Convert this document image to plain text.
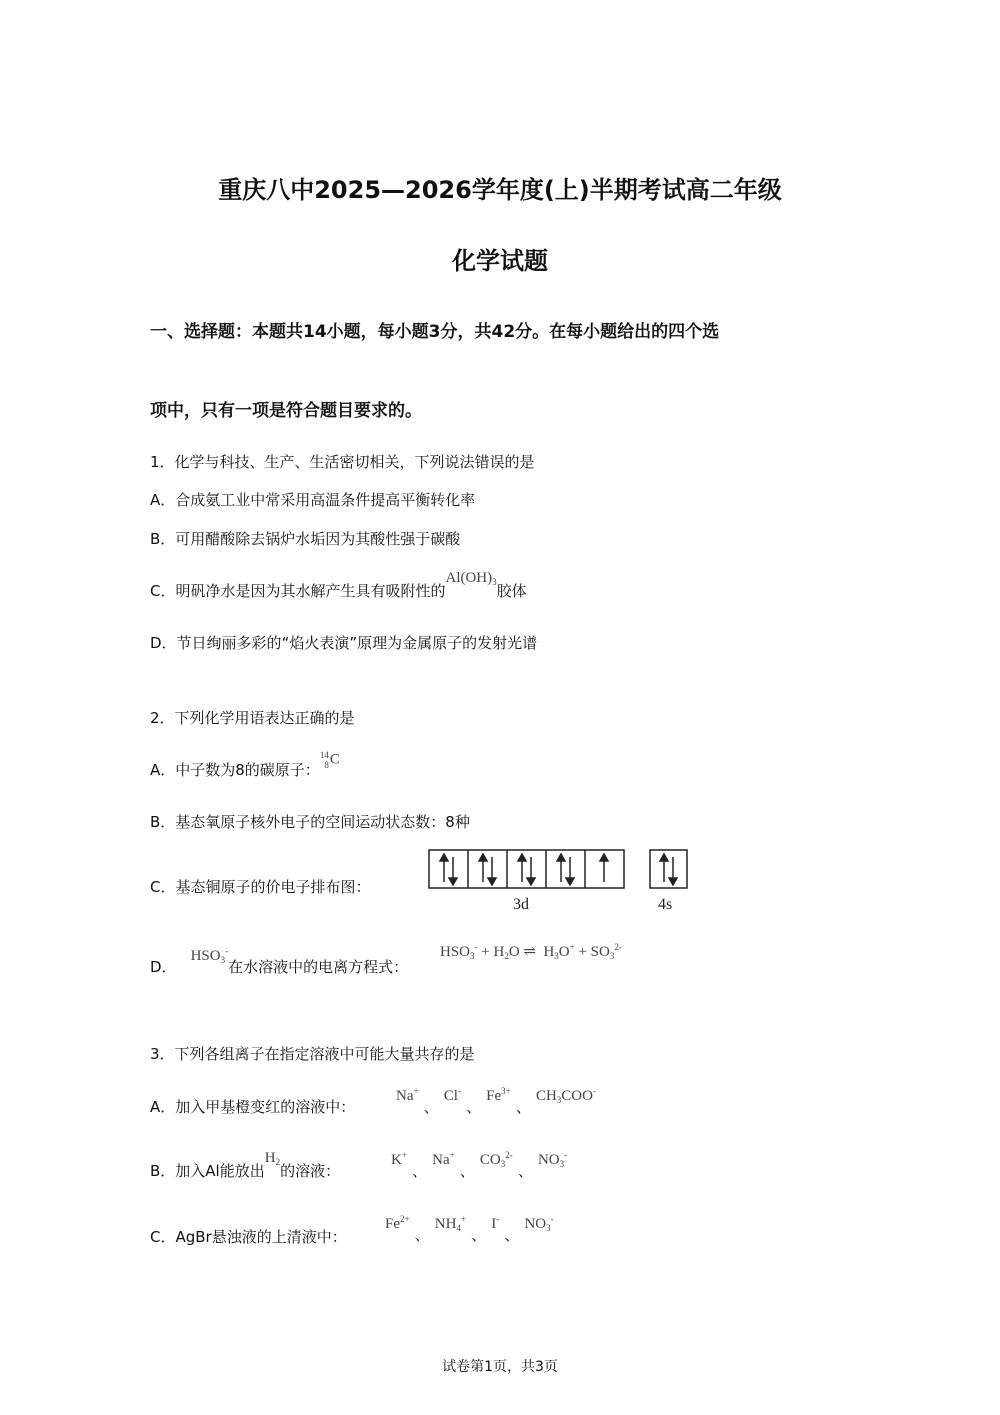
重庆八中2025—2026学年度(上)半期考试高二年级
化学试题
一、选择题：本题共14小题，每小题3分，共42分。在每小题给出的四个选
项中，只有一项是符合题目要求的。
1．化学与科技、生产、生活密切相关，下列说法错误的是
A．合成氨工业中常采用高温条件提高平衡转化率
B．可用醋酸除去锅炉水垢因为其酸性强于碳酸
C．明矾净水是因为其水解产生具有吸附性的$Al(OH)_3$胶体
D．节日绚丽多彩的“焰火表演”原理为金属原子的发射光谱
2．下列化学用语表达正确的是
A．中子数为8的碳原子：14
8C
B．基态氧原子核外电子的空间运动状态数：8种
C．基态铜原子的价电子排布图：
3d	4s
D．$HSO_3^-$在水溶液中的电离方程式：
$HSO_3^- + H_2O$ ⇌  $H_3O^+ + SO_3^{2-}$
3．下列各组离子在指定溶液中可能大量共存的是
A．加入甲基橙变红的溶液中：
Na+ 、 Cl- 、 $Fe^{3+}$ 、 $CH_3COO^-$
B．加入Al能放出$H_2$的溶液：
K+ 、 Na+ 、 $CO_3^{2-}$ 、 $NO_3^-$
C．AgBr悬浊液的上清液中：
$Fe^{2+}$ 、 $NH_4^+$ 、 I- 、 $NO_3^-$
试卷第1页，共3页
